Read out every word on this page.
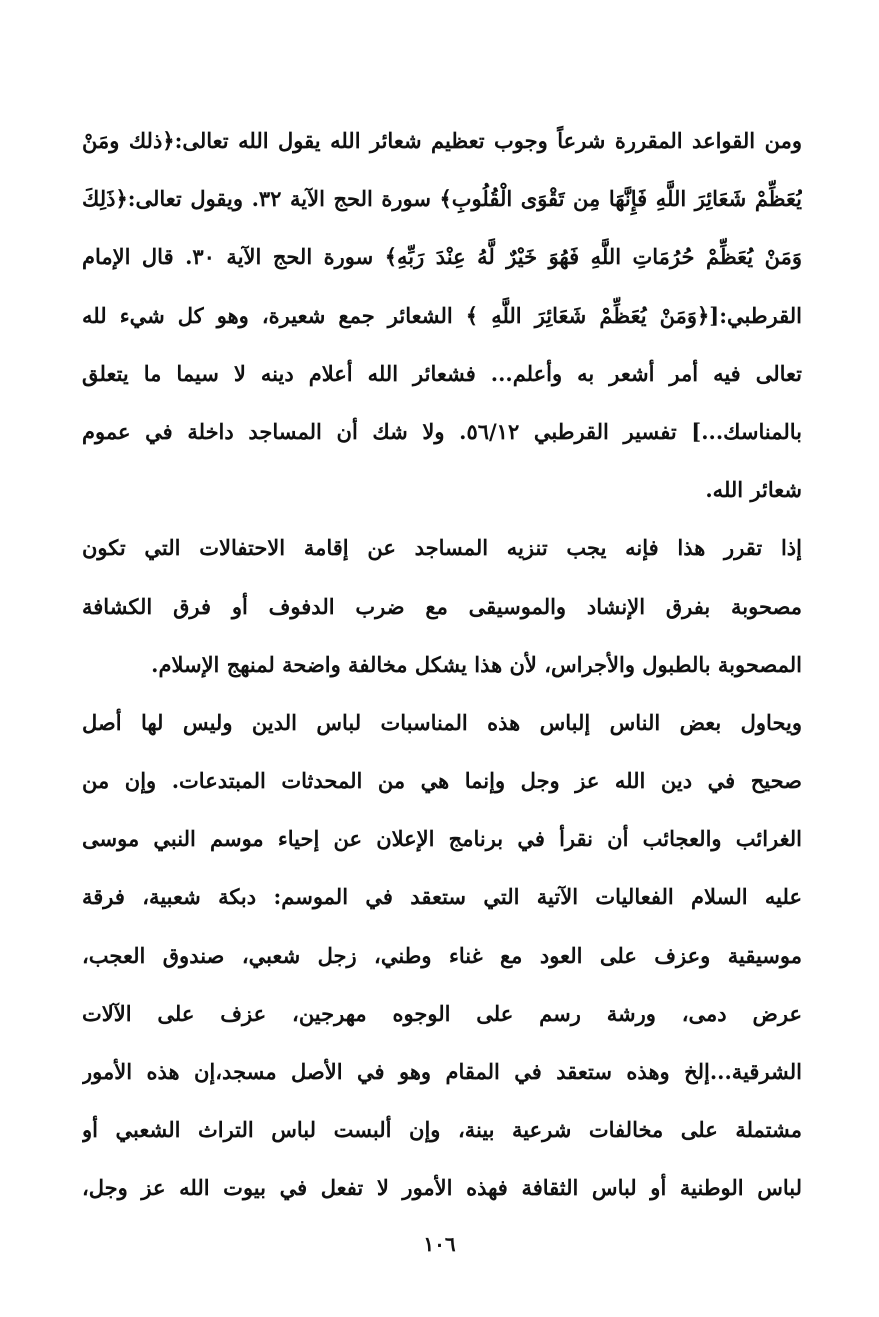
ومن القواعد المقررة شرعاً وجوب تعظيم شعائر الله يقول الله تعالى:﴿ذلك ومَنْ
يُعَظِّمْ شَعَائِرَ اللَّهِ فَإِنَّهَا مِن تَقْوَى الْقُلُوبِ﴾ سورة الحج الآية ٣٢. ويقول تعالى:﴿ذَلِكَ
وَمَنْ يُعَظِّمْ حُرُمَاتِ اللَّهِ فَهُوَ خَيْرٌ لَّهُ عِنْدَ رَبِّهِ﴾ سورة الحج الآية ٣٠. قال الإمام
القرطبي:[﴿وَمَنْ يُعَظِّمْ شَعَائِرَ اللَّهِ ﴾ الشعائر جمع شعيرة، وهو كل شيء لله
تعالى فيه أمر أشعر به وأعلم... فشعائر الله أعلام دينه لا سيما ما يتعلق
بالمناسك...] تفسير القرطبي ٥٦/١٢. ولا شك أن المساجد داخلة في عموم
شعائر الله.
إذا تقرر هذا فإنه يجب تنزيه المساجد عن إقامة الاحتفالات التي تكون
مصحوبة بفرق الإنشاد والموسيقى مع ضرب الدفوف أو فرق الكشافة
المصحوبة بالطبول والأجراس، لأن هذا يشكل مخالفة واضحة لمنهج الإسلام.
ويحاول بعض الناس إلباس هذه المناسبات لباس الدين وليس لها أصل
صحيح في دين الله عز وجل وإنما هي من المحدثات المبتدعات. وإن من
الغرائب والعجائب أن نقرأ في برنامج الإعلان عن إحياء موسم النبي موسى
عليه السلام الفعاليات الآتية التي ستعقد في الموسم: دبكة شعبية، فرقة
موسيقية وعزف على العود مع غناء وطني، زجل شعبي، صندوق العجب،
عرض دمى، ورشة رسم على الوجوه مهرجين، عزف على الآلات
الشرقية...إلخ وهذه ستعقد في المقام وهو في الأصل مسجد،إن هذه الأمور
مشتملة على مخالفات شرعية بينة، وإن ألبست لباس التراث الشعبي أو
لباس الوطنية أو لباس الثقافة فهذه الأمور لا تفعل في بيوت الله عز وجل،
١٠٦
